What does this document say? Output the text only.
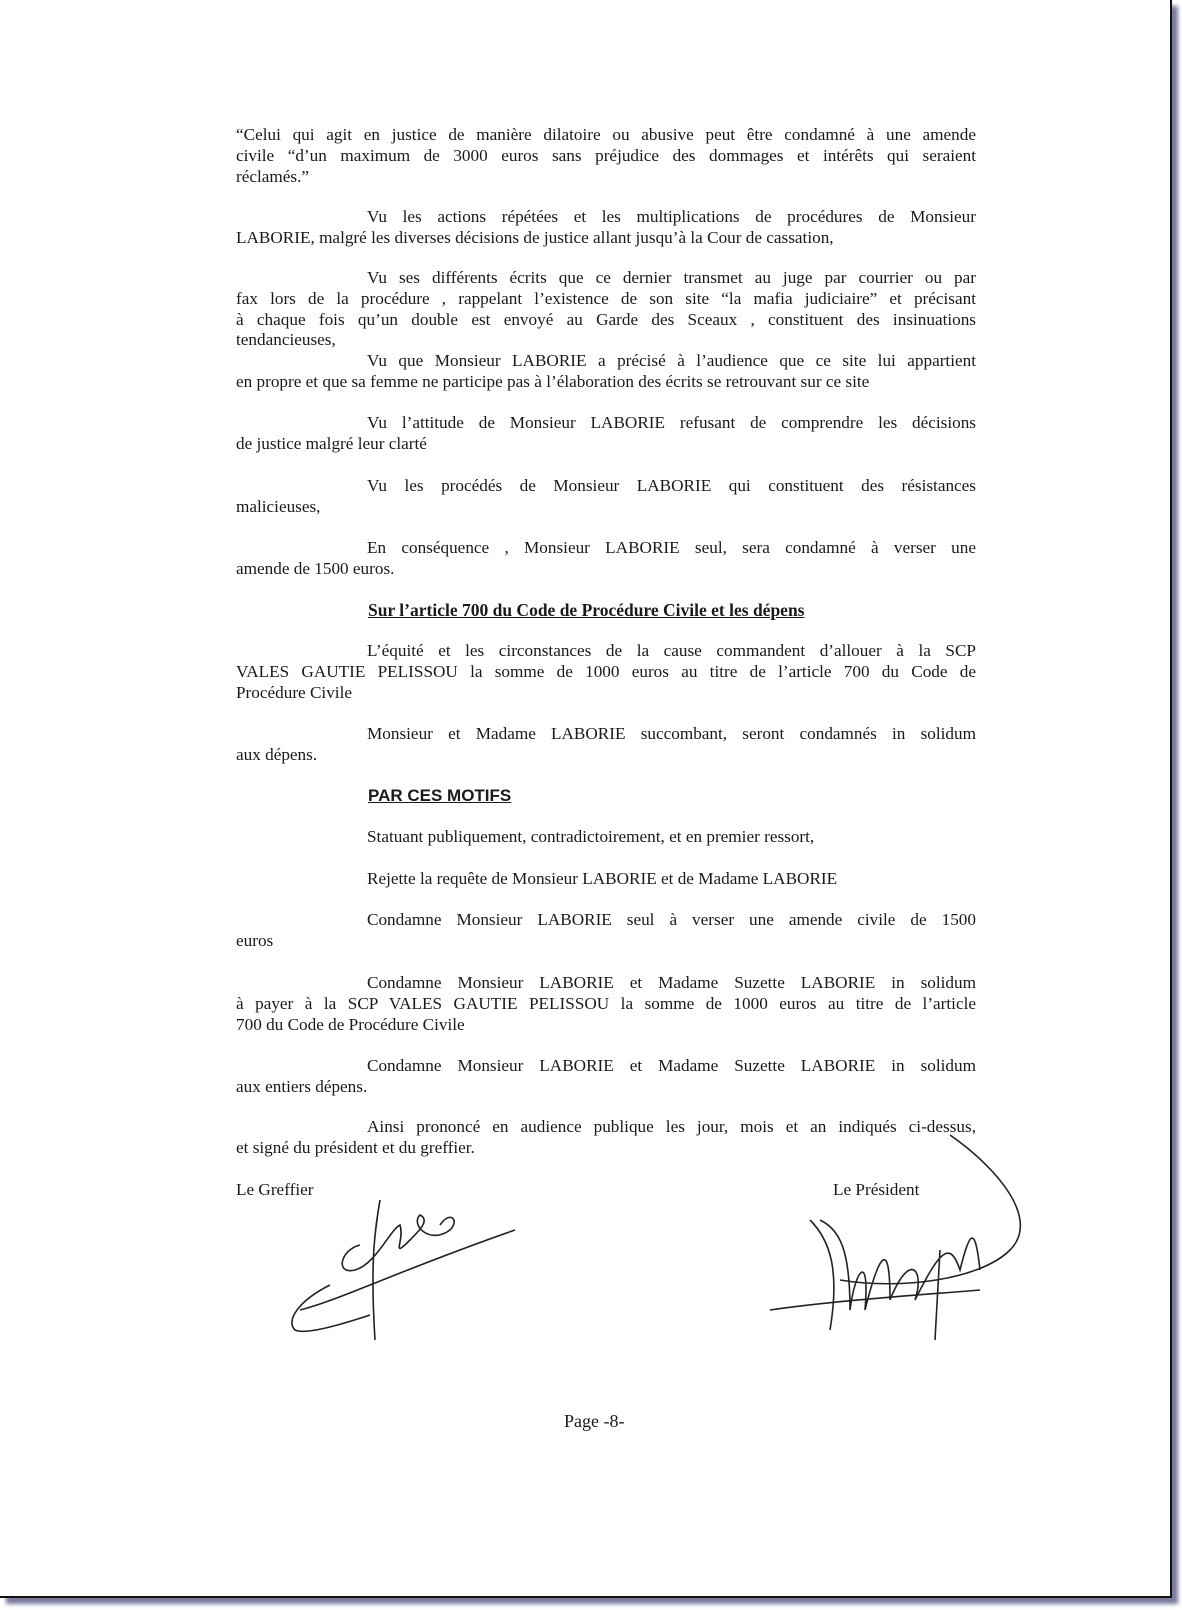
“Celui qui agit en justice de manière dilatoire ou abusive peut être condamné à une amende
civile “d’un maximum de 3000 euros sans préjudice des dommages et intérêts qui seraient
réclamés.”
Vu les actions répétées et les multiplications de procédures de Monsieur
LABORIE, malgré les diverses décisions de justice allant jusqu’à la Cour de cassation,
Vu ses différents écrits que ce dernier transmet au juge par courrier ou par
fax lors de la procédure , rappelant l’existence de son site “la mafia judiciaire” et précisant
à chaque fois qu’un double est envoyé au Garde des Sceaux , constituent des insinuations
tendancieuses,
Vu que Monsieur LABORIE a précisé à l’audience que ce site lui appartient
en propre et que sa femme ne participe pas à l’élaboration des écrits se retrouvant sur ce site
Vu l’attitude de Monsieur LABORIE refusant de comprendre les décisions
de justice malgré leur clarté
Vu les procédés de Monsieur LABORIE qui constituent des résistances
malicieuses,
En conséquence , Monsieur LABORIE seul, sera condamné à verser une
amende de 1500 euros.
L’équité et les circonstances de la cause commandent d’allouer à la SCP
VALES GAUTIE PELISSOU la somme de 1000 euros au titre de l’article 700 du Code de
Procédure Civile
Monsieur et Madame LABORIE succombant, seront condamnés in solidum
aux dépens.
Statuant publiquement, contradictoirement, et en premier ressort,
Rejette la requête de Monsieur LABORIE et de Madame LABORIE
Condamne Monsieur LABORIE seul à verser une amende civile de 1500
euros
Condamne Monsieur LABORIE et Madame Suzette LABORIE in solidum
à payer à la SCP VALES GAUTIE PELISSOU la somme de 1000 euros au titre de l’article
700 du Code de Procédure Civile
Condamne Monsieur LABORIE et Madame Suzette LABORIE in solidum
aux entiers dépens.
Ainsi prononcé en audience publique les jour, mois et an indiqués ci-dessus,
et signé du président et du greffier.
Sur l’article 700 du Code de Procédure Civile et les dépens
PAR CES MOTIFS
Le Greffier	Le Président
Page -8-
